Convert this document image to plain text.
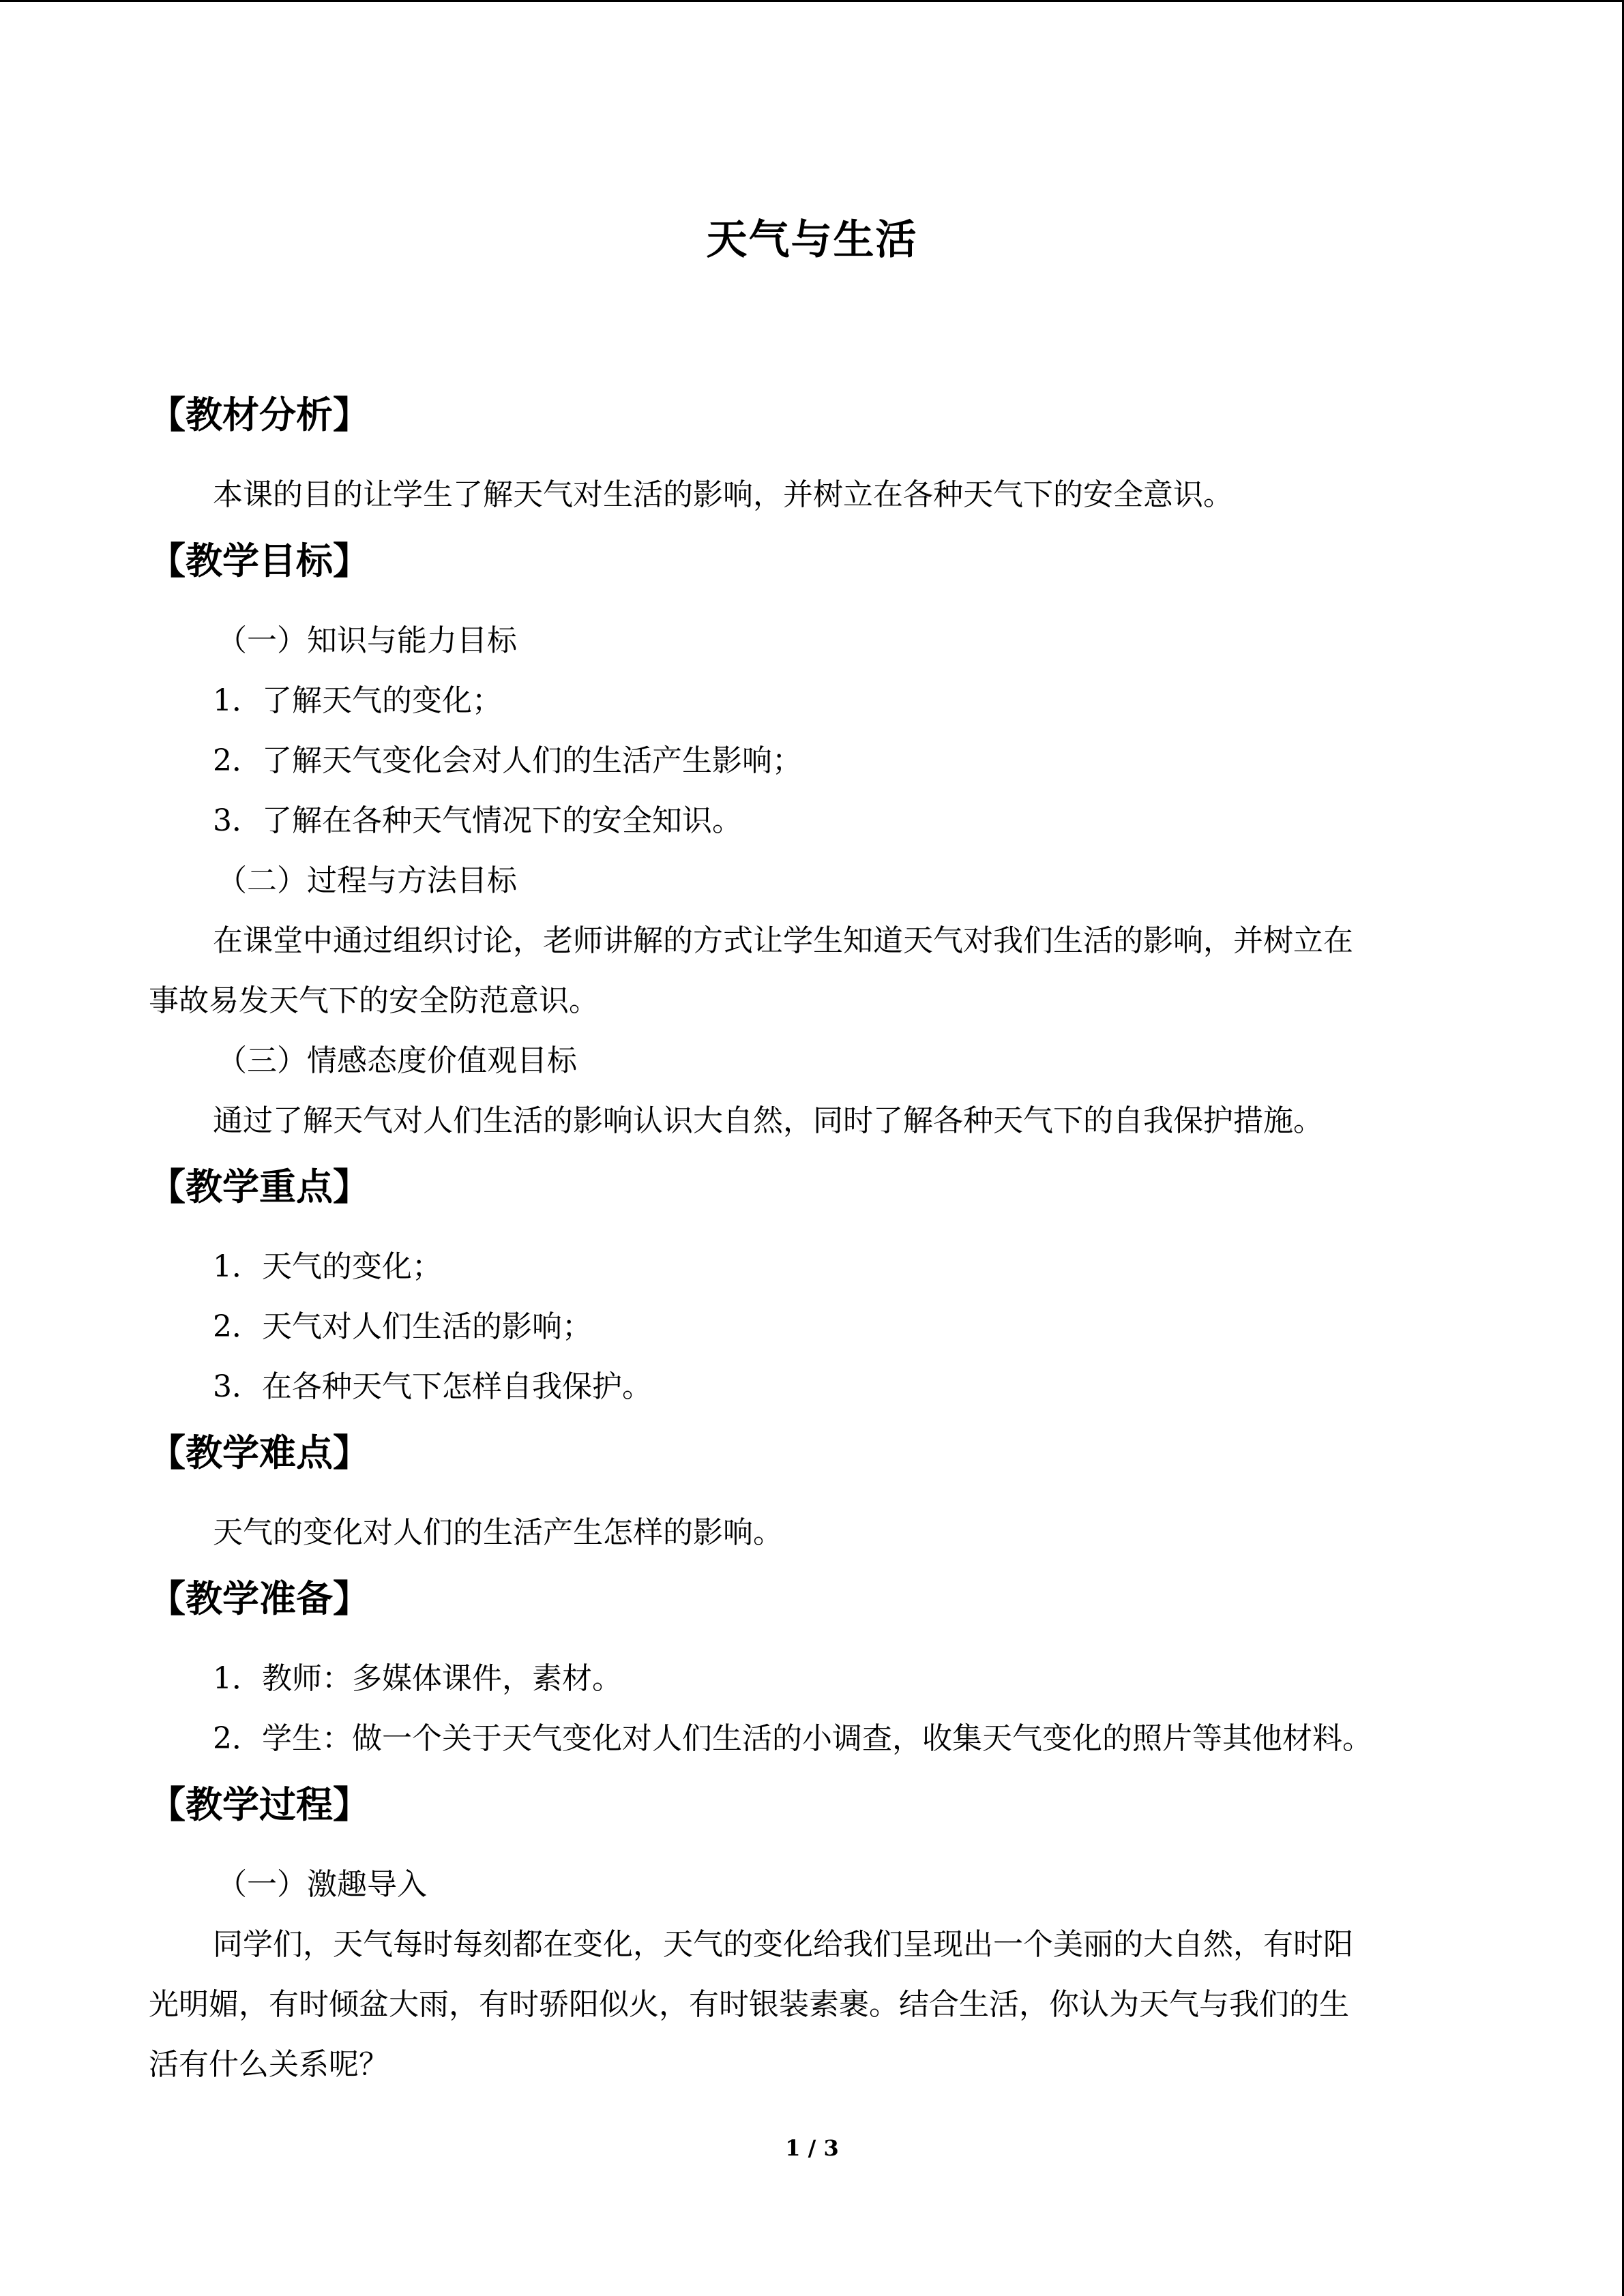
天气与生活
【教材分析】
本课的目的让学生了解天气对生活的影响，并树立在各种天气下的安全意识。
【教学目标】
（一）知识与能力目标
1．了解天气的变化；
2．了解天气变化会对人们的生活产生影响；
3．了解在各种天气情况下的安全知识。
（二）过程与方法目标
在课堂中通过组织讨论，老师讲解的方式让学生知道天气对我们生活的影响，并树立在
事故易发天气下的安全防范意识。
（三）情感态度价值观目标
通过了解天气对人们生活的影响认识大自然，同时了解各种天气下的自我保护措施。
【教学重点】
1．天气的变化；
2．天气对人们生活的影响；
3．在各种天气下怎样自我保护。
【教学难点】
天气的变化对人们的生活产生怎样的影响。
【教学准备】
1．教师：多媒体课件，素材。
2．学生：做一个关于天气变化对人们生活的小调查，收集天气变化的照片等其他材料。
【教学过程】
（一）激趣导入
同学们，天气每时每刻都在变化，天气的变化给我们呈现出一个美丽的大自然，有时阳
光明媚，有时倾盆大雨，有时骄阳似火，有时银装素裹。结合生活，你认为天气与我们的生
活有什么关系呢？
1 / 3
